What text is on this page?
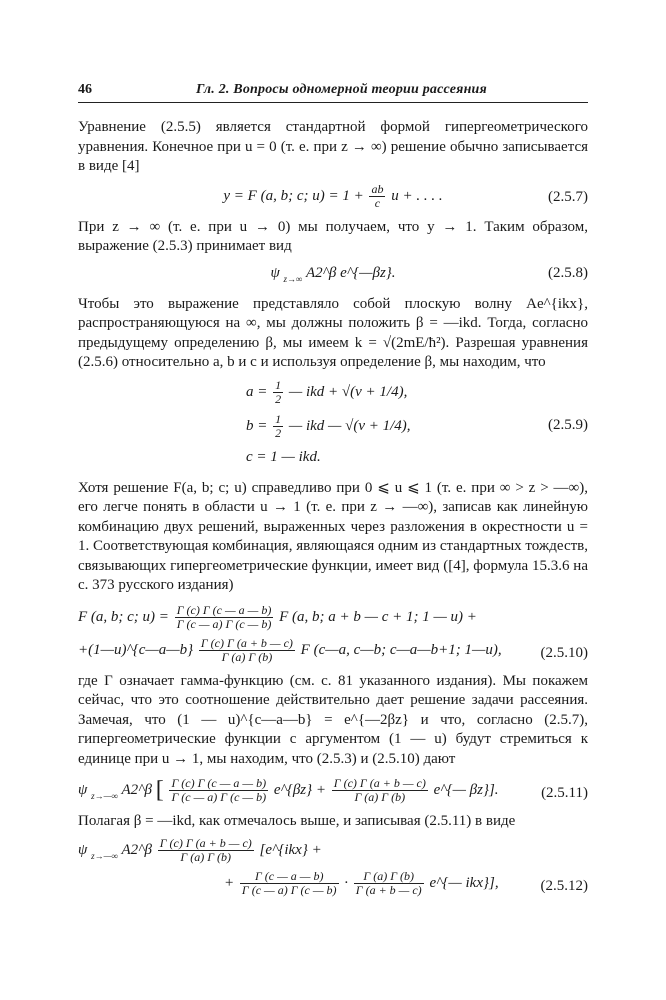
46	Гл. 2. Вопросы одномерной теории рассеяния

Уравнение (2.5.5) является стандартной формой гипергеометрического уравнения. Конечное при u = 0 (т. е. при z → ∞) решение обычно записывается в виде [4]

y = F (a, b; c; $u) = 1 + \frac{ab}{c}$ u + . . . .	(2.5.7)

При z → ∞ (т. е. при u → 0) мы получаем, что y → 1. Таким образом, выражение (2.5.3) принимает вид

ψ $_{z\to\infty}$ A2^β e^{—βz}.	(2.5.8)

Чтобы это выражение представляло собой плоскую волну Ae^{ikx}, распространяющуюся на ∞, мы должны положить β = —ikd. Тогда, согласно предыдущему определению β, мы имеем k = √(2mE/ħ²). Разрешая уравнения (2.5.6) относительно a, b и c и используя определение β, мы находим, что

$a = \frac{1}{2}$ — ikd + √(v + 1/4),
$b = \frac{1}{2}$ — ikd — √(v + 1/4),
c = 1 — ikd.
(2.5.9)

Хотя решение F(a, b; c; u) справедливо при 0 ⩽ u ⩽ 1 (т. е. при ∞ > z > —∞), его легче понять в области u → 1 (т. е. при z → —∞), записав как линейную комбинацию двух решений, выраженных через разложения в окрестности u = 1. Соответствующая комбинация, являющаяся одним из стандартных тождеств, связывающих гипергеометрические функции, имеет вид ([4], формула 15.3.6 на с. 373 русского издания)

F (a, b; c; $u) = \frac{\Gamma (c) \Gamma (c — a — b)}{\Gamma (c — a) \Gamma (c — b)}$ F (a, b; a + b — c + 1; 1 — u) +
+(1—u)^{c—a—b} $\frac{\Gamma (c) \Gamma (a + b — c)}{\Gamma (a) \Gamma (b)}$ F (c—a, c—b; c—a—b+1; 1—u),	(2.5.10)

где Γ означает гамма-функцию (см. с. 81 указанного издания). Мы покажем сейчас, что это соотношение действительно дает решение задачи рассеяния. Замечая, что (1 — u)^{c—a—b} = e^{—2βz} и что, согласно (2.5.7), гипергеометрические функции с аргументом (1 — u) будут стремиться к единице при u → 1, мы находим, что (2.5.3) и (2.5.10) дают

ψ $_{z\to—\infty}$ A2^β [ $\frac{\Gamma (c) \Gamma (c — a — b)}{\Gamma (c — a) \Gamma (c — b)}$ e^{βz} + $\frac{\Gamma (c) \Gamma (a + b — c)}{\Gamma (a) \Gamma (b)}$ e^{— βz}].	(2.5.11)

Полагая β = —ikd, как отмечалось выше, и записывая (2.5.11) в виде

ψ $_{z\to—\infty}$ A2^β $\frac{\Gamma (c) \Gamma (a + b — c)}{\Gamma (a) \Gamma (b)}$ [e^{ikx} +
+ $\frac{\Gamma (c — a — b)}{\Gamma (c — a) \Gamma (c — b)} \cdot \frac{\Gamma (a) \Gamma (b)}{\Gamma (a + b — c)}$ e^{— ikx}],	(2.5.12)
